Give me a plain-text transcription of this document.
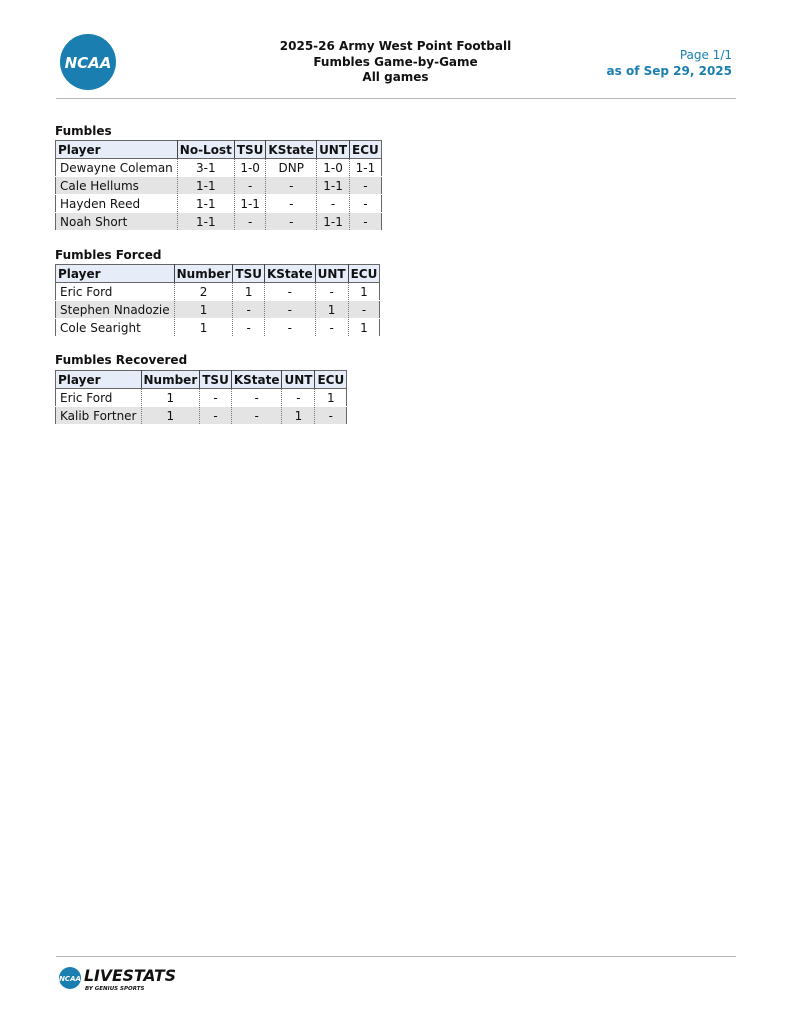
NCAA
2025-26 Army West Point Football
Fumbles Game-by-Game
All games
Page 1/1
as of Sep 29, 2025
Fumbles
Player	No-Lost	TSU	KState	UNT	ECU
Dewayne Coleman	3-1	1-0	DNP	1-0	1-1
Cale Hellums	1-1	-	-	1-1	-
Hayden Reed	1-1	1-1	-	-	-
Noah Short	1-1	-	-	1-1	-
Fumbles Forced
Player	Number	TSU	KState	UNT	ECU
Eric Ford	2	1	-	-	1
Stephen Nnadozie	1	-	-	1	-
Cole Searight	1	-	-	-	1
Fumbles Recovered
Player	Number	TSU	KState	UNT	ECU
Eric Ford	1	-	-	-	1
Kalib Fortner	1	-	-	1	-
NCAA LIVESTATS
BY GENIUS SPORTS
